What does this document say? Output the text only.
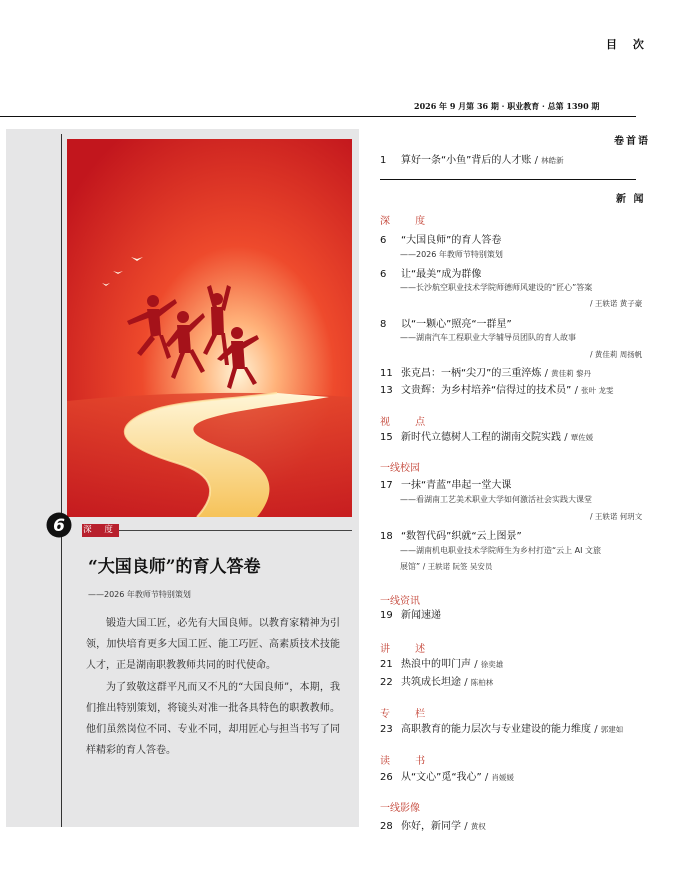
目 次
2026 年 9 月第 36 期 · 职业教育 · 总第 1390 期
6 深 度
“大国良师”的育人答卷
——2026 年教师节特别策划

锻造大国工匠，必先有大国良师。以教育家精神为引领，加快培育更多大国工匠、能工巧匠、高素质技术技能人才，正是湖南职教教师共同的时代使命。

为了致敬这群平凡而又不凡的“大国良师”，本期，我们推出特别策划，将镜头对准一批各具特色的职教教师。他们虽然岗位不同、专业不同，却用匠心与担当书写了同样精彩的育人答卷。

卷首语
1 算好一条“小鱼”背后的人才账 / 林皓新
新 闻
深 度
6 “大国良师”的育人答卷
——2026 年教师节特别策划
6 让“最美”成为群像
——长沙航空职业技术学院师德师风建设的“匠心”答案
/ 王轶诺 黄子豪
8 以“一颗心”照亮“一群星”
——湖南汽车工程职业大学辅导员团队的育人故事
/ 黄佳莉 周扬帆
11 张克昌：一柄“尖刀”的三重淬炼 / 黄佳莉 黎丹
13 文贵辉：为乡村培养“信得过的技术员” / 张叶 龙雯
视 点
15 新时代立德树人工程的湖南交院实践 / 覃佐媛
一线校园
17 一抹“青蓝”串起一堂大课
——看湖南工艺美术职业大学如何激活社会实践大课堂
/ 王轶诺 何玥文
18 “数智代码”织就“云上图景”
——湖南机电职业技术学院师生为乡村打造“云上 AI 文旅
展馆” / 王轶诺 阮签 吴安员
一线资讯
19 新闻速递
讲 述
21 热浪中的叩门声 / 徐奕雄
22 共筑成长坦途 / 陈柏林
专 栏
23 高职教育的能力层次与专业建设的能力维度 / 郭建如
读 书
26 从“文心”觅“我心” / 肖媛媛
一线影像
28 你好，新同学 / 黄权
